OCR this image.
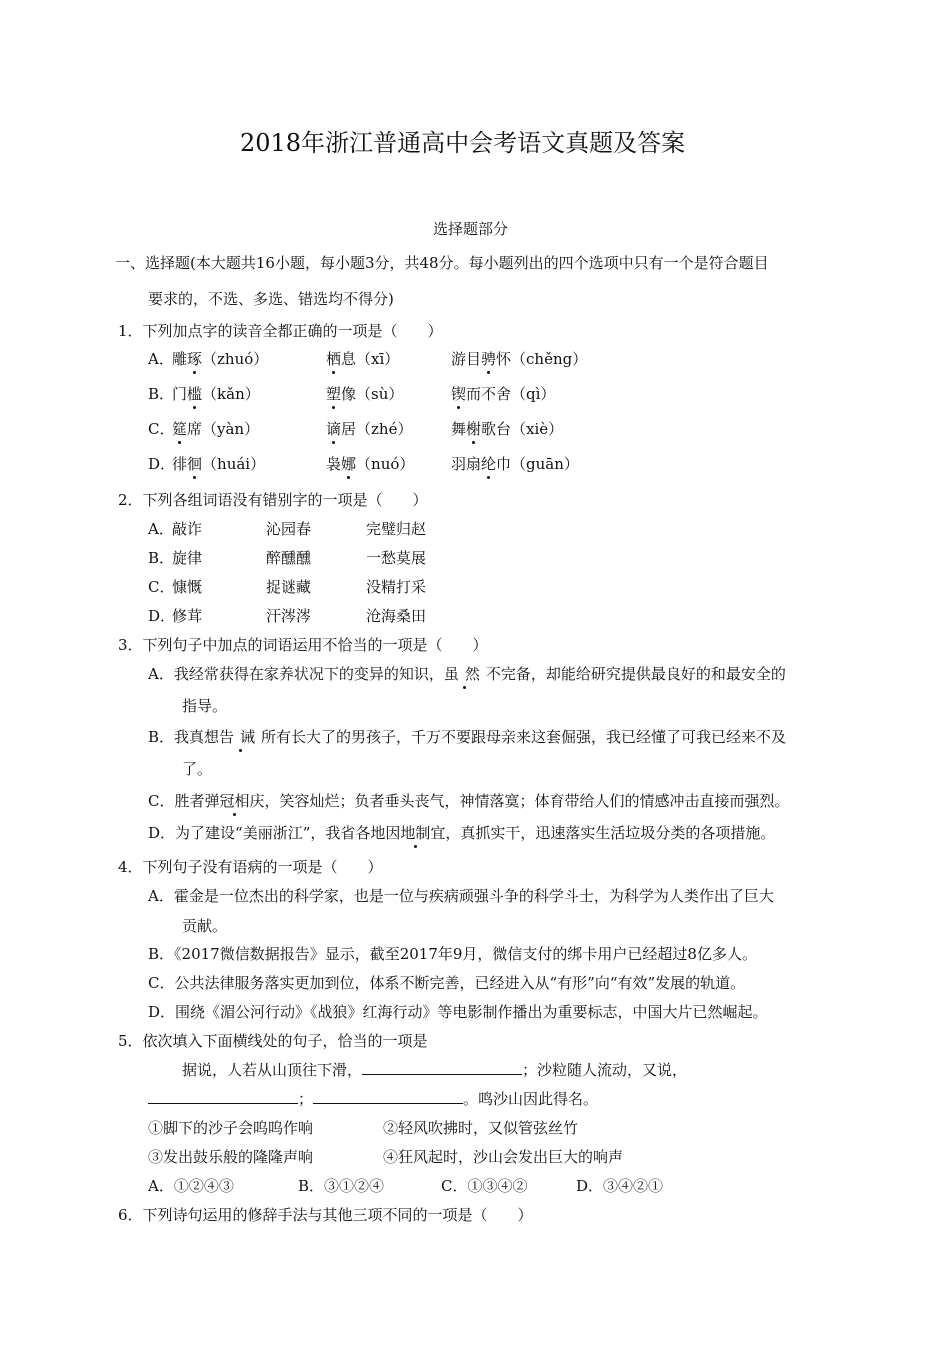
2018年浙江普通高中会考语文真题及答案
选择题部分
一、选择题(本大题共16小题，每小题3分，共48分。每小题列出的四个选项中只有一个是符合题目
要求的，不选、多选、错选均不得分)
1．下列加点字的读音全都正确的一项是（　　）
A．
雕琢（zhuó）	栖息（xī）	游目骋怀（chěng）
B．
门槛（kǎn）	塑像（sù）	锲而不舍（qì）
C．
筵席（yàn）	谪居（zhé）	舞榭歌台（xiè）
D．
徘徊（huái）	袅娜（nuó） 羽扇纶巾（guān）
2．下列各组词语没有错别字的一项是（　　）
A．
敲诈	沁园春	完璧归赵
B．
旋律	醉醺醺	一愁莫展
C．
慷慨	捉谜藏	没精打采
D．
修茸	汗涔涔	沧海桑田
3．下列句子中加点的词语运用不恰当的一项是（　　）
A．我经常获得在家养状况下的变异的知识，虽然不完备，却能给研究提供最良好的和最安全的
指导。
B．我真想告诫所有长大了的男孩子，千万不要跟母亲来这套倔强，我已经懂了可我已经来不及
了。
C．胜者弹冠相庆，笑容灿烂；负者垂头丧气，神情落寞；体育带给人们的情感冲击直接而强烈。
D．为了建设“美丽浙江”，我省各地因地制宜，真抓实干，迅速落实生活垃圾分类的各项措施。
4．下列句子没有语病的一项是（　　）
A．霍金是一位杰出的科学家，也是一位与疾病顽强斗争的科学斗士，为科学为人类作出了巨大
贡献。
B．《2017微信数据报告》显示，截至2017年9月，微信支付的绑卡用户已经超过8亿多人。
C．公共法律服务落实更加到位，体系不断完善，已经进入从“有形”向“有效”发展的轨道。
D．围绕《湄公河行动》《战狼》红海行动》等电影制作播出为重要标志，中国大片已然崛起。
5．依次填入下面横线处的句子，恰当的一项是
据说，人若从山顶往下滑，	；沙粒随人流动，又说，
；	。鸣沙山因此得名。
①脚下的沙子会呜呜作响	②轻风吹拂时，又似管弦丝竹
③发出鼓乐般的隆隆声响	④狂风起时，沙山会发出巨大的响声
A．①②④③	B．③①②④	C．①③④②	D．③④②①
6．下列诗句运用的修辞手法与其他三项不同的一项是（　　）
